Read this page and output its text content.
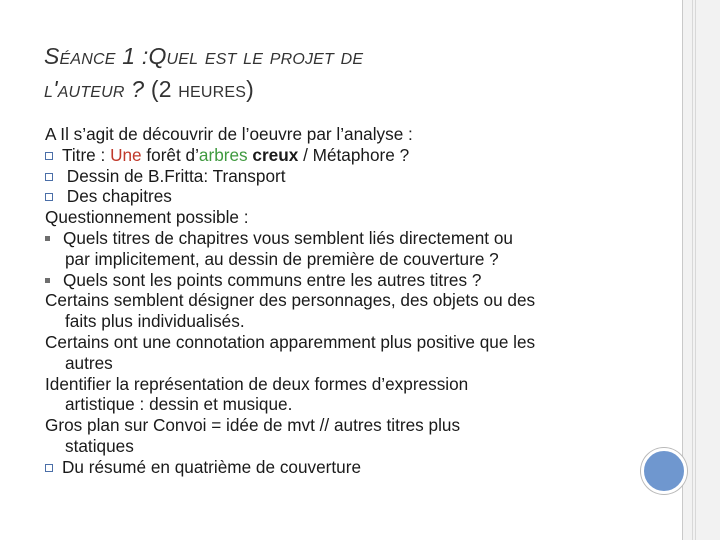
Séance 1 :Quel est le projet de
l'auteur ? (2 heures)
A Il s’agit de découvrir de l’oeuvre par l’analyse :
Titre : Une forêt d’arbres creux / Métaphore ?
Dessin de B.Fritta: Transport
Des chapitres
Questionnement possible :
Quels titres de chapitres vous semblent liés directement ou
par implicitement, au dessin de première de couverture ?
Quels sont les points communs entre les autres titres ?
Certains semblent désigner des personnages, des objets ou des
faits plus individualisés.
Certains ont une connotation apparemment plus positive que les
autres
Identifier la représentation de deux formes d’expression
artistique : dessin et musique.
Gros plan sur Convoi = idée de mvt // autres titres plus
statiques
Du résumé en quatrième de couverture
